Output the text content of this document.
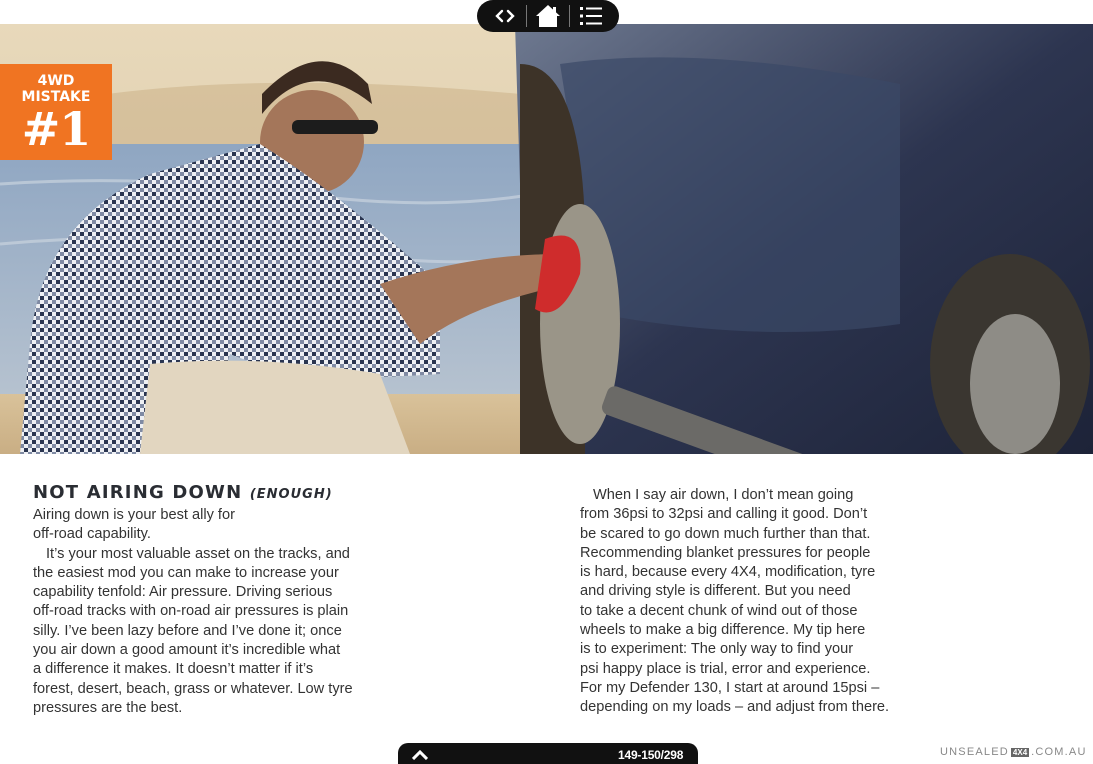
4WD
MISTAKE
#1
NOT AIRING DOWN (ENOUGH)

Airing down is your best ally for

off-road capability.

It’s your most valuable asset on the tracks, and

the easiest mod you can make to increase your

capability tenfold: Air pressure. Driving serious

off-road tracks with on-road air pressures is plain

silly. I’ve been lazy before and I’ve done it; once

you air down a good amount it’s incredible what

a difference it makes. It doesn’t matter if it’s

forest, desert, beach, grass or whatever. Low tyre

pressures are the best.

When I say air down, I don’t mean going

from 36psi to 32psi and calling it good. Don’t

be scared to go down much further than that.

Recommending blanket pressures for people

is hard, because every 4X4, modification, tyre

and driving style is different. But you need

to take a decent chunk of wind out of those

wheels to make a big difference. My tip here

is to experiment: The only way to find your

psi happy place is trial, error and experience.

For my Defender 130, I start at around 15psi –

depending on my loads – and adjust from there.

149-150/298	UNSEALED 4X4 .COM.AU
